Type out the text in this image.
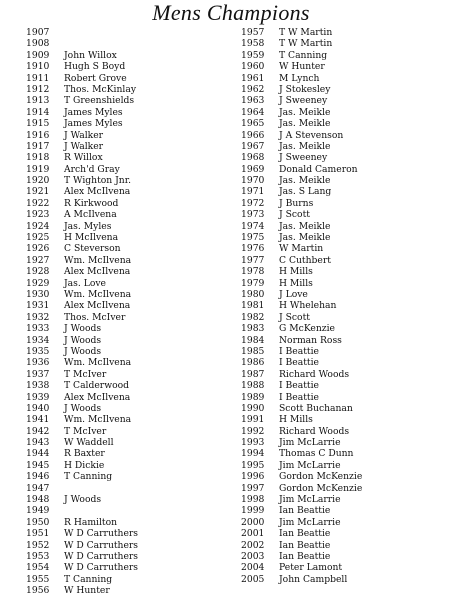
Mens Champions
1907
1908
1909 John Willox
1910 Hugh S Boyd
1911 Robert Grove
1912 Thos. McKinlay
1913 T Greenshields
1914 James Myles
1915 James Myles
1916 J Walker
1917 J Walker
1918 R Willox
1919 Arch'd Gray
1920 T Wighton Jnr.
1921 Alex McIlvena
1922 R Kirkwood
1923 A McIlvena
1924 Jas. Myles
1925 H McIlvena
1926 C Steverson
1927 Wm. McIlvena
1928 Alex McIlvena
1929 Jas. Love
1930 Wm. McIlvena
1931 Alex McIlvena
1932 Thos. McIver
1933 J Woods
1934 J Woods
1935 J Woods
1936 Wm. McIlvena
1937 T McIver
1938 T Calderwood
1939 Alex McIlvena
1940 J Woods
1941 Wm. McIlvena
1942 T McIver
1943 W Waddell
1944 R Baxter
1945 H Dickie
1946 T Canning
1947
1948 J Woods
1949
1950 R Hamilton
1951 W D Carruthers
1952 W D Carruthers
1953 W D Carruthers
1954 W D Carruthers
1955 T Canning
1956 W Hunter
1957 T W Martin
1958 T W Martin
1959 T Canning
1960 W Hunter
1961 M Lynch
1962 J Stokesley
1963 J Sweeney
1964 Jas. Meikle
1965 Jas. Meikle
1966 J A Stevenson
1967 Jas. Meikle
1968 J Sweeney
1969 Donald Cameron
1970 Jas. Meikle
1971 Jas. S Lang
1972 J Burns
1973 J Scott
1974 Jas. Meikle
1975 Jas. Meikle
1976 W Martin
1977 C Cuthbert
1978 H Mills
1979 H Mills
1980 J Love
1981 H Whelehan
1982 J Scott
1983 G McKenzie
1984 Norman Ross
1985 I Beattie
1986 I Beattie
1987 Richard Woods
1988 I Beattie
1989 I Beattie
1990 Scott Buchanan
1991 H Mills
1992 Richard Woods
1993 Jim McLarrie
1994 Thomas C Dunn
1995 Jim McLarrie
1996 Gordon McKenzie
1997 Gordon McKenzie
1998 Jim McLarrie
1999 Ian Beattie
2000 Jim McLarrie
2001 Ian Beattie
2002 Ian Beattie
2003 Ian Beattie
2004 Peter Lamont
2005 John Campbell
